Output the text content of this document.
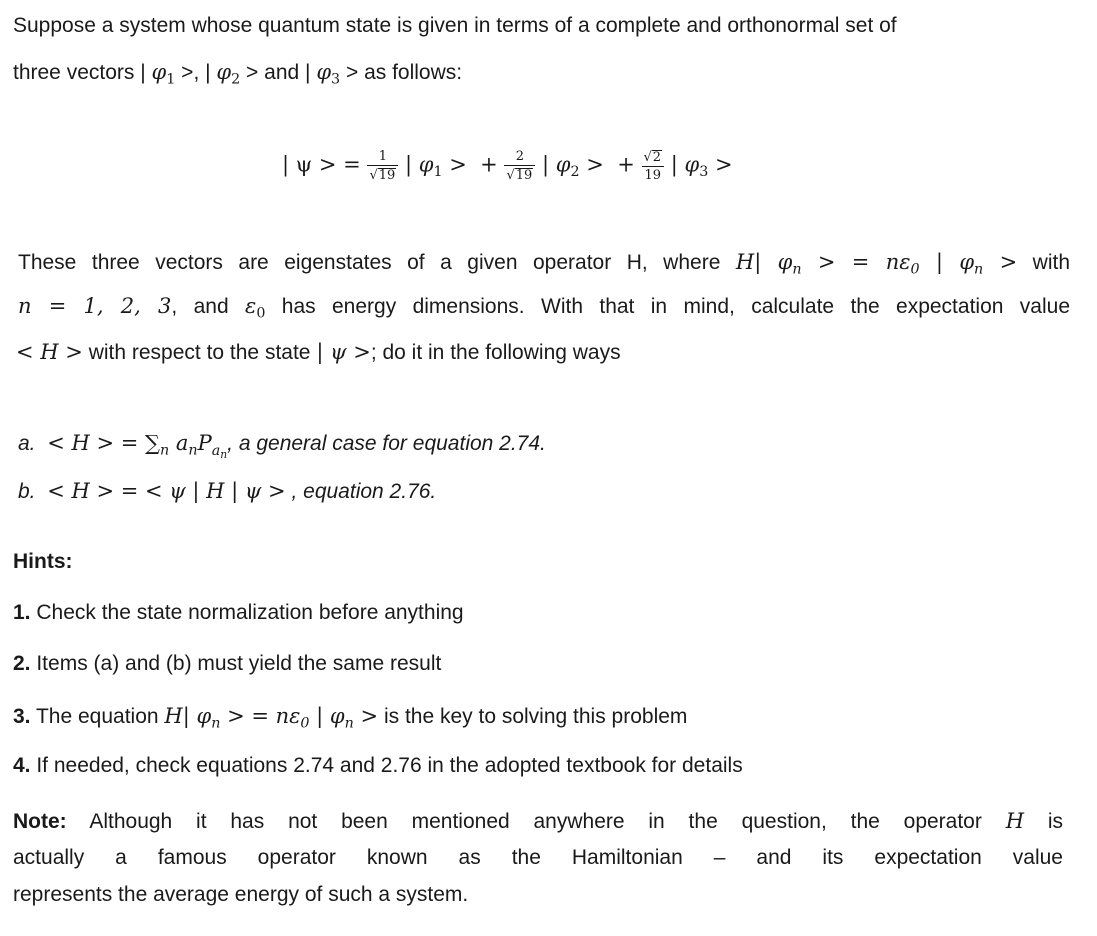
Suppose a system whose quantum state is given in terms of a complete and orthonormal set of
three vectors | $\varphi_1$ >, | $\varphi_2$ > and | $\varphi_3$ > as follows:
| ψ > = $\frac{1}{√19}$ | $\varphi_1$ > + $\frac{2}{√19}$ | $\varphi_2$ > + $\frac{√2}{19}$ | $\varphi_3$ >
These three vectors are eigenstates of a given operator H, where H| $\varphi_n$ > = $n\varepsilon_0$ | $\varphi_n$ > with
n = 1, 2, 3, and $\varepsilon_0$ has energy dimensions. With that in mind, calculate the expectation value
< H > with respect to the state | ψ >; do it in the following ways
a. < H > = $\sum_n$ $a_nP_{a_n}$, a general case for equation 2.74.
b. < H > = < ψ | H | ψ > , equation 2.76.
Hints:
1. Check the state normalization before anything
2. Items (a) and (b) must yield the same result
3. The equation H| $\varphi_n$ > = $n\varepsilon_0$ | $\varphi_n$ > is the key to solving this problem
4. If needed, check equations 2.74 and 2.76 in the adopted textbook for details
Note: Although it has not been mentioned anywhere in the question, the operator H is
actually a famous operator known as the Hamiltonian – and its expectation value
represents the average energy of such a system.
